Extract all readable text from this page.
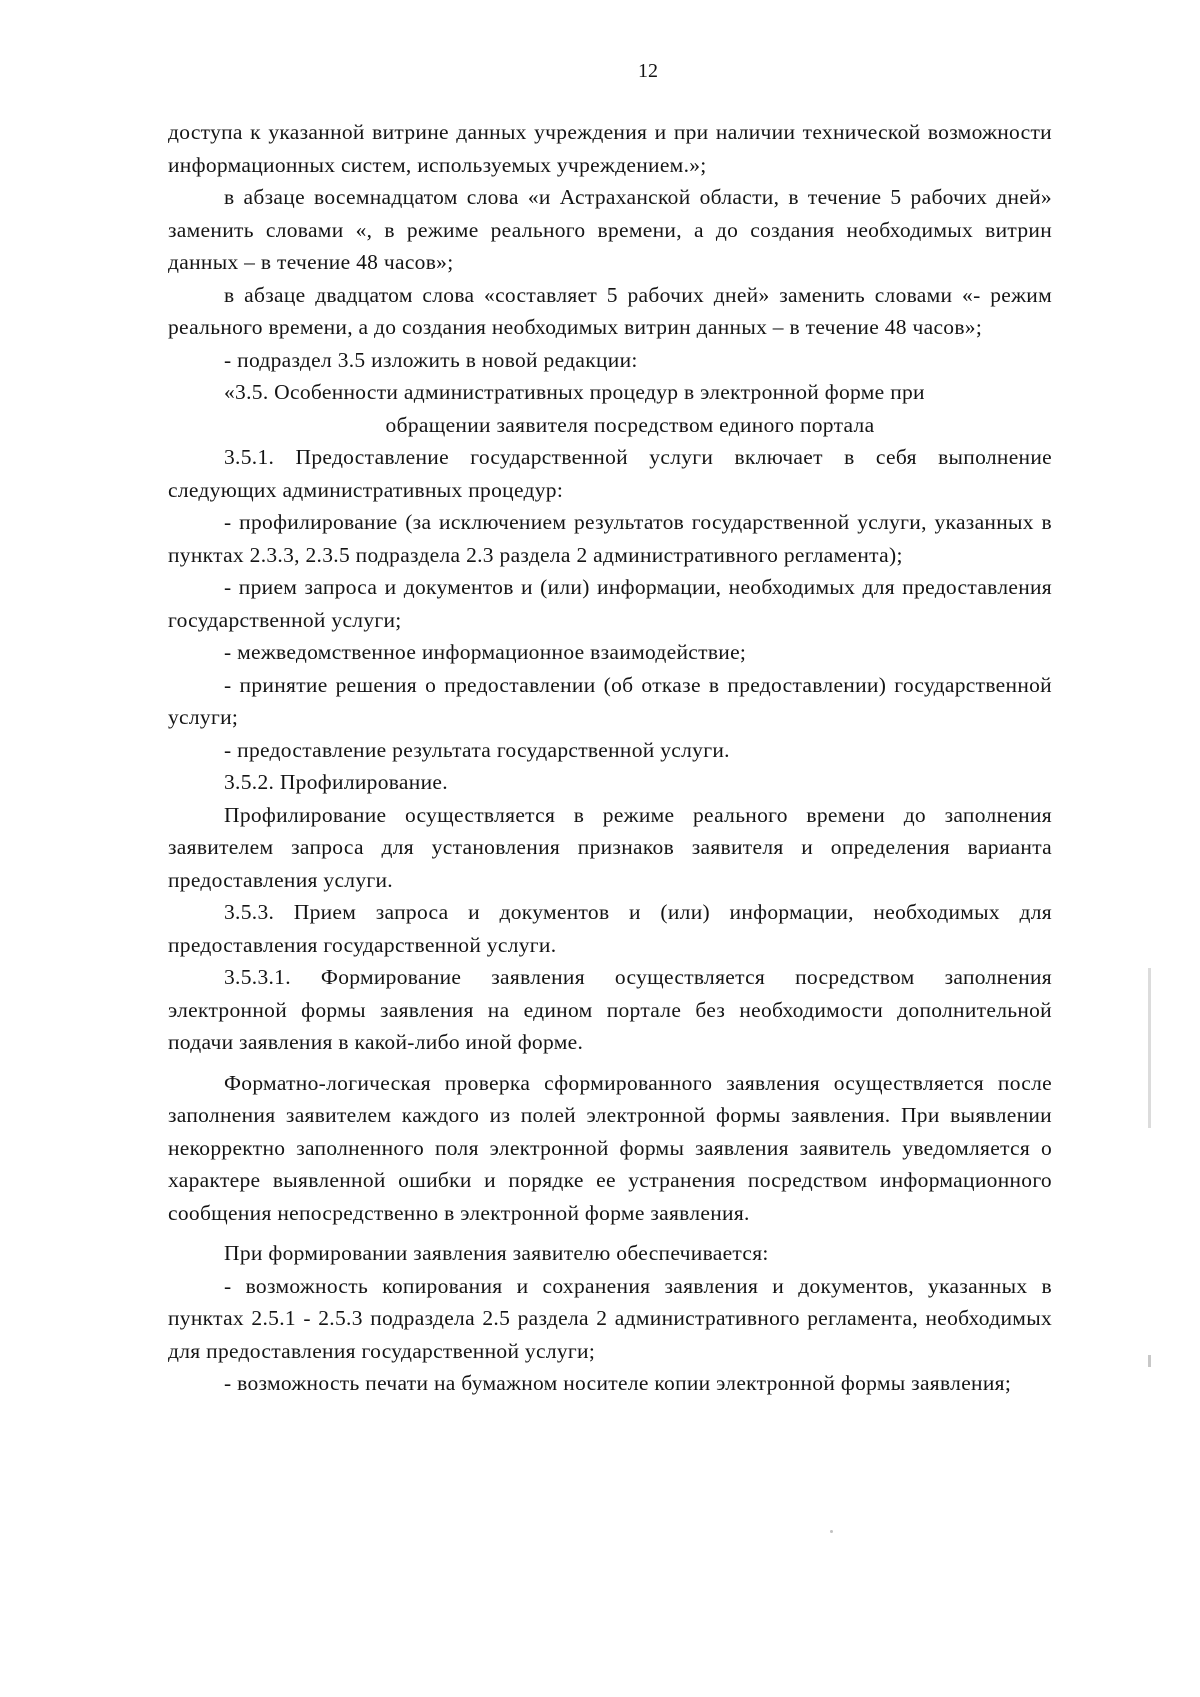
12

доступа к указанной витрине данных учреждения и при наличии технической возможности информационных систем, используемых учреждением.»;

в абзаце восемнадцатом слова «и Астраханской области, в течение 5 рабочих дней» заменить словами «, в режиме реального времени, а до создания необходимых витрин данных – в течение 48 часов»;

в абзаце двадцатом слова «составляет 5 рабочих дней» заменить словами «- режим реального времени, а до создания необходимых витрин данных – в течение 48 часов»;

- подраздел 3.5 изложить в новой редакции:

«3.5. Особенности административных процедур в электронной форме при

обращении заявителя посредством единого портала

3.5.1. Предоставление государственной услуги включает в себя выполнение следующих административных процедур:

- профилирование (за исключением результатов государственной услуги, указанных в пунктах 2.3.3, 2.3.5 подраздела 2.3 раздела 2 административного регламента);

- прием запроса и документов и (или) информации, необходимых для предоставления государственной услуги;

- межведомственное информационное взаимодействие;

- принятие решения о предоставлении (об отказе в предоставлении) государственной услуги;

- предоставление результата государственной услуги.

3.5.2. Профилирование.

Профилирование осуществляется в режиме реального времени до заполнения заявителем запроса для установления признаков заявителя и определения варианта предоставления услуги.

3.5.3. Прием запроса и документов и (или) информации, необходимых для предоставления государственной услуги.

3.5.3.1. Формирование заявления осуществляется посредством заполнения электронной формы заявления на едином портале без необходимости дополнительной подачи заявления в какой-либо иной форме.

Форматно-логическая проверка сформированного заявления осуществляется после заполнения заявителем каждого из полей электронной формы заявления. При выявлении некорректно заполненного поля электронной формы заявления заявитель уведомляется о характере выявленной ошибки и порядке ее устранения посредством информационного сообщения непосредственно в электронной форме заявления.

При формировании заявления заявителю обеспечивается:

- возможность копирования и сохранения заявления и документов, указанных в пунктах 2.5.1 - 2.5.3 подраздела 2.5 раздела 2 административного регламента, необходимых для предоставления государственной услуги;

- возможность печати на бумажном носителе копии электронной формы заявления;
